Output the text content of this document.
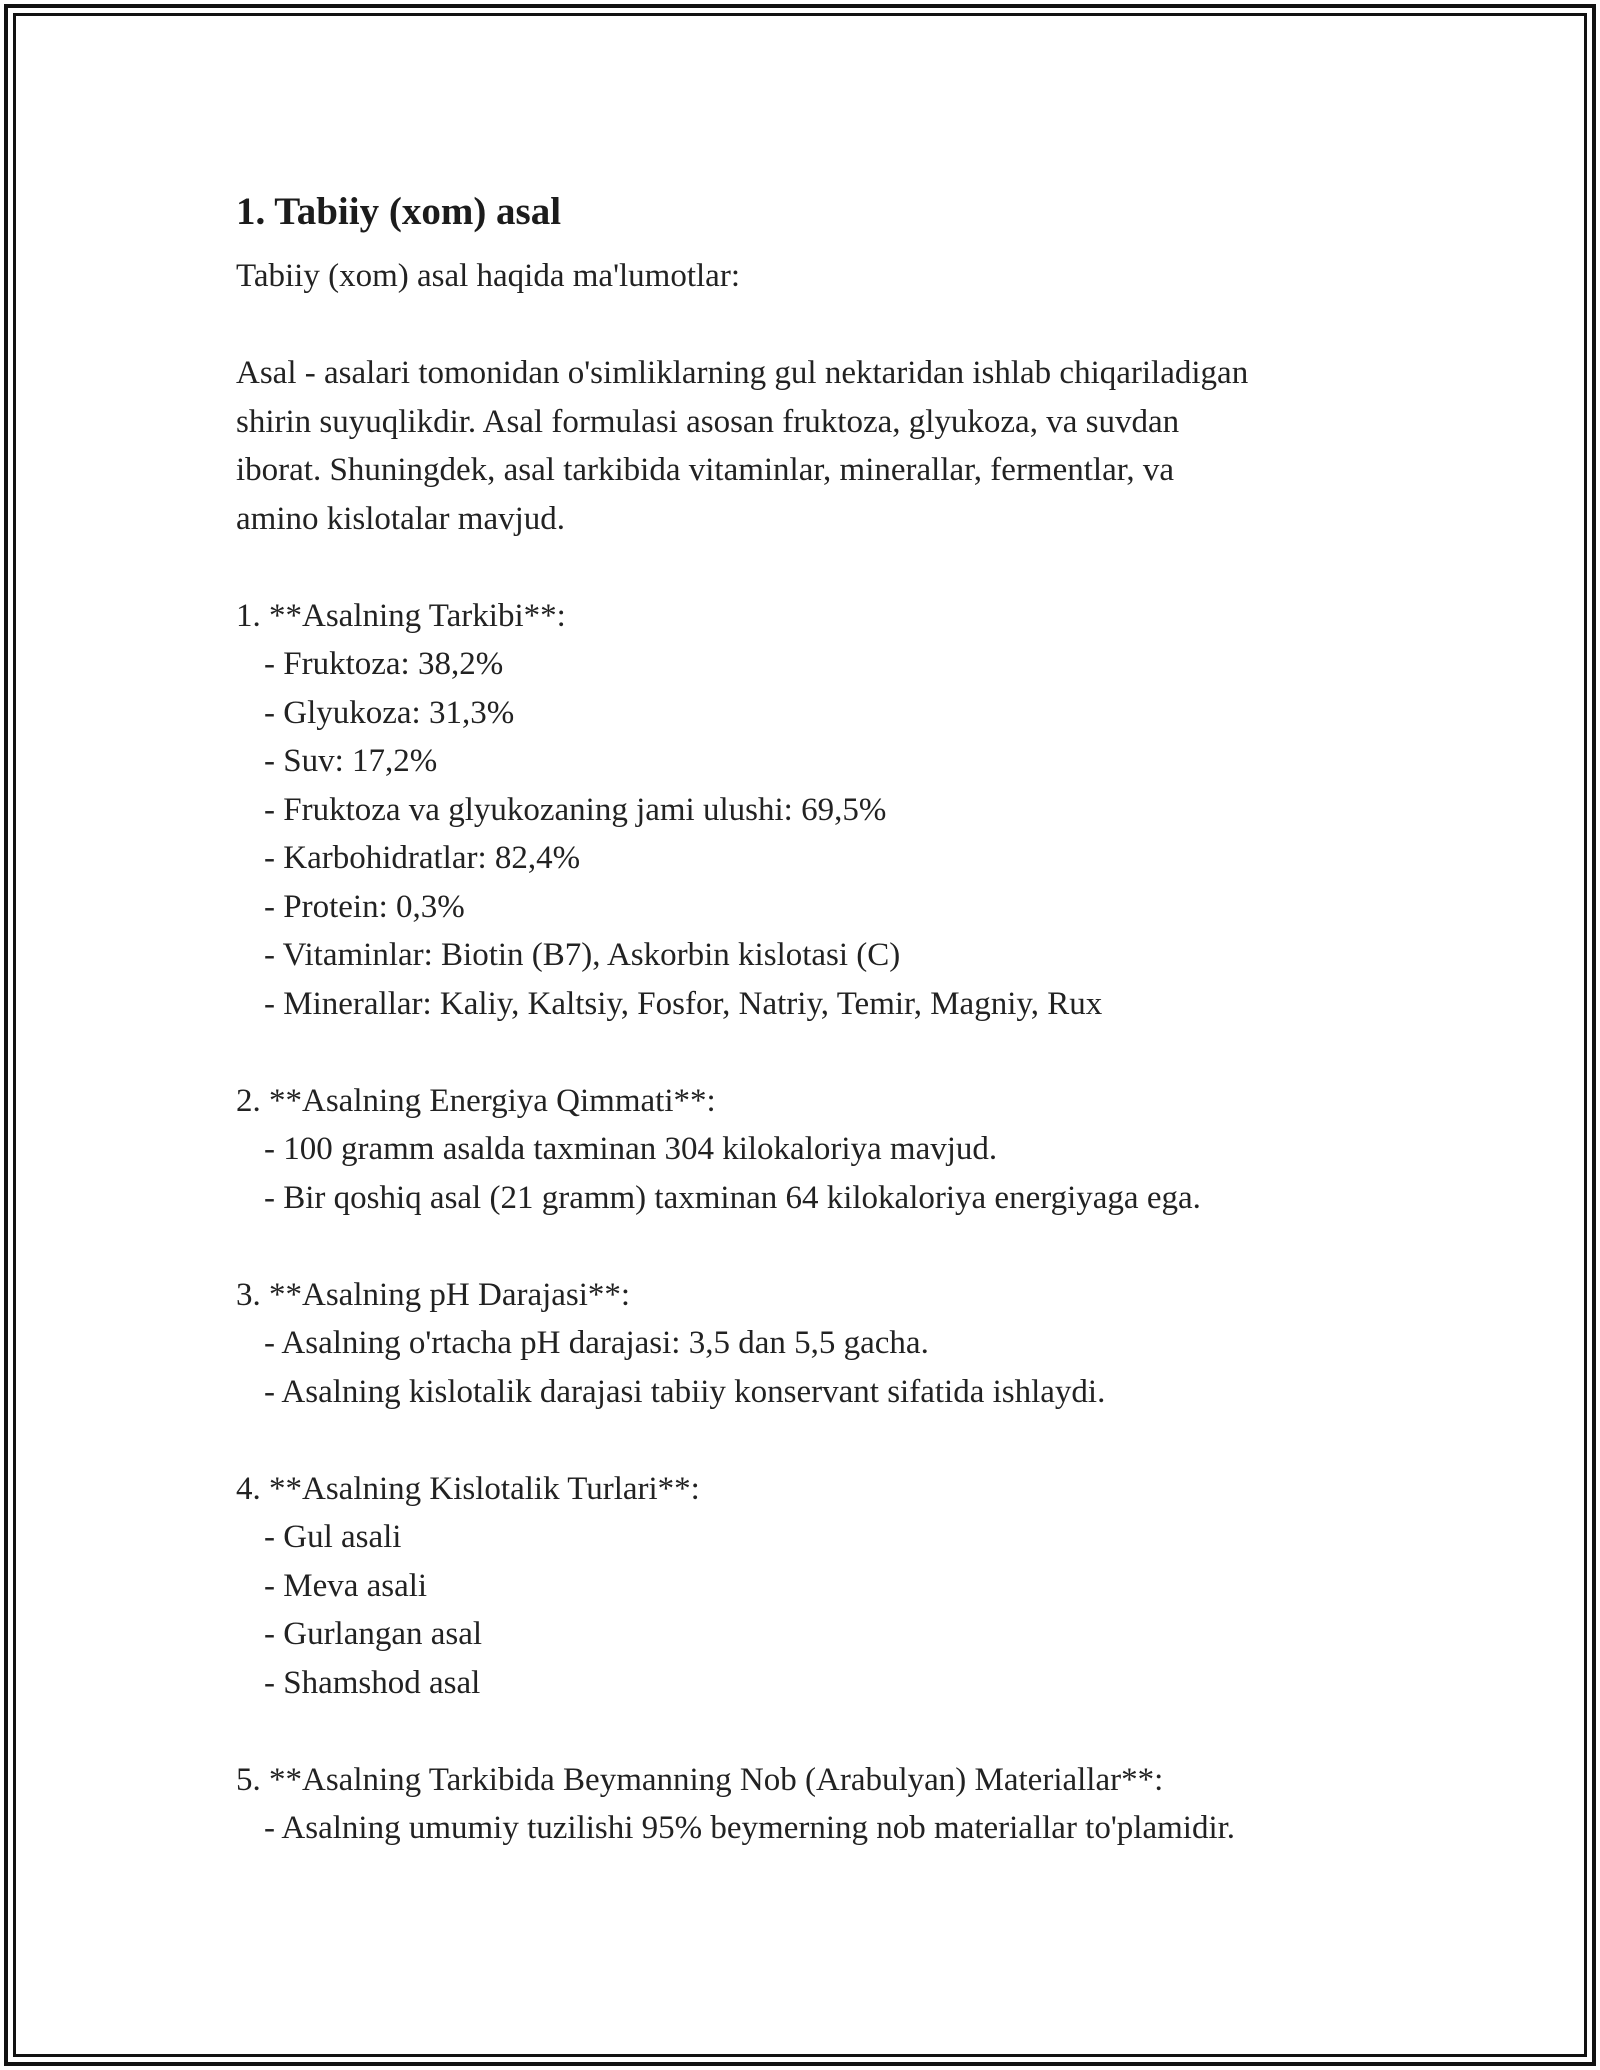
1. Tabiiy (xom) asal

Tabiiy (xom) asal haqida ma'lumotlar:

Asal - asalari tomonidan o'simliklarning gul nektaridan ishlab chiqariladigan
shirin suyuqlikdir. Asal formulasi asosan fruktoza, glyukoza, va suvdan
iborat. Shuningdek, asal tarkibida vitaminlar, minerallar, fermentlar, va
amino kislotalar mavjud.
1. **Asalning Tarkibi**:
- Fruktoza: 38,2%
- Glyukoza: 31,3%
- Suv: 17,2%
- Fruktoza va glyukozaning jami ulushi: 69,5%
- Karbohidratlar: 82,4%
- Protein: 0,3%
- Vitaminlar: Biotin (B7), Askorbin kislotasi (C)
- Minerallar: Kaliy, Kaltsiy, Fosfor, Natriy, Temir, Magniy, Rux
2. **Asalning Energiya Qimmati**:
- 100 gramm asalda taxminan 304 kilokaloriya mavjud.
- Bir qoshiq asal (21 gramm) taxminan 64 kilokaloriya energiyaga ega.
3. **Asalning pH Darajasi**:
- Asalning o'rtacha pH darajasi: 3,5 dan 5,5 gacha.
- Asalning kislotalik darajasi tabiiy konservant sifatida ishlaydi.
4. **Asalning Kislotalik Turlari**:
- Gul asali
- Meva asali
- Gurlangan asal
- Shamshod asal
5. **Asalning Tarkibida Beymanning Nob (Arabulyan) Materiallar**:
- Asalning umumiy tuzilishi 95% beymerning nob materiallar to'plamidir.
